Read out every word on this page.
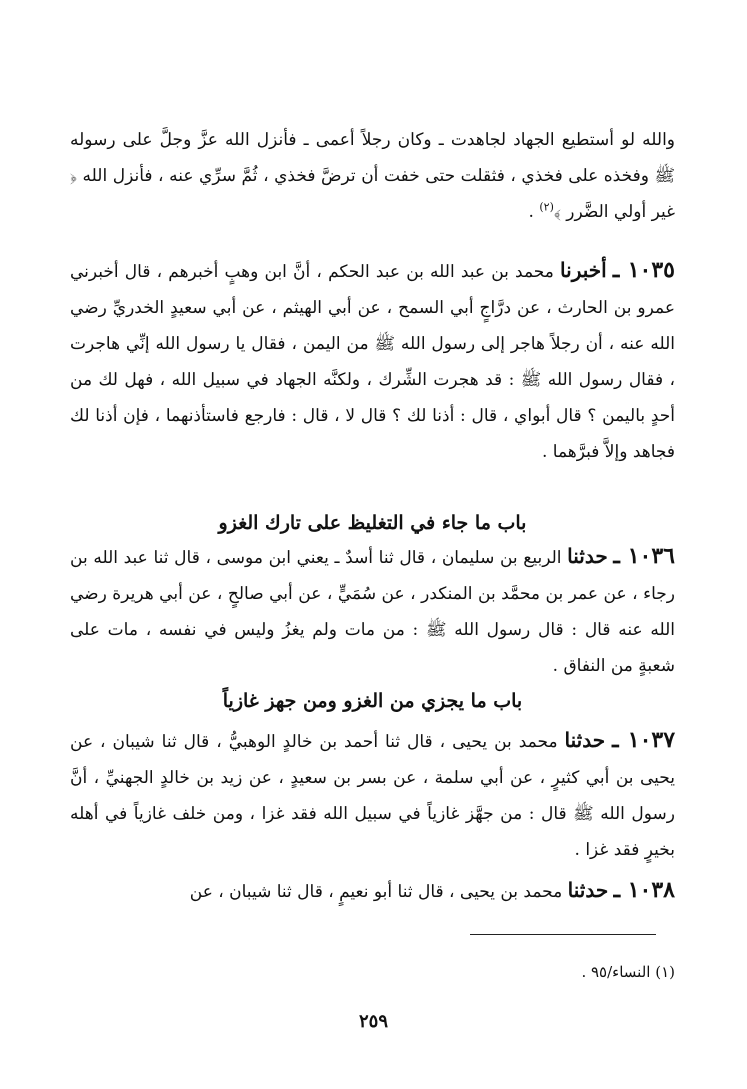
والله لو أستطيع الجهاد لجاهدت ـ وكان رجلاً أعمى ـ فأنزل الله عزَّ وجلَّ على رسوله ﷺ وفخذه على فخذي ، فثقلت حتى خفت أن ترضَّ فخذي ، ثُمَّ سرِّي عنه ، فأنزل الله ﴿ غير أولي الضَّرر ﴾$^{(٢)}$ .

١٠٣٥ ـ أخبرنا محمد بن عبد الله بن عبد الحكم ، أنَّ ابن وهبٍ أخبرهم ، قال أخبرني عمرو بن الحارث ، عن درَّاجٍ أبي السمح ، عن أبي الهيثم ، عن أبي سعيدٍ الخدريِّ رضي الله عنه ، أن رجلاً هاجر إلى رسول الله ﷺ من اليمن ، فقال يا رسول الله إنِّي هاجرت ، فقال رسول الله ﷺ : قد هجرت الشِّرك ، ولكنَّه الجهاد في سبيل الله ، فهل لك من أحدٍ باليمن ؟ قال أبواي ، قال : أذنا لك ؟ قال لا ، قال : فارجع فاستأذنهما ، فإن أذنا لك فجاهد وإلاَّ فبرَّهما .

باب ما جاء في التغليظ على تارك الغزو

١٠٣٦ ـ حدثنا الربيع بن سليمان ، قال ثنا أسدٌ ـ يعني ابن موسى ، قال ثنا عبد الله بن رجاء ، عن عمر بن محمَّد بن المنكدر ، عن سُمَيٍّ ، عن أبي صالحٍ ، عن أبي هريرة رضي الله عنه قال : قال رسول الله ﷺ : من مات ولم يغزُ وليس في نفسه ، مات على شعبةٍ من النفاق .

باب ما يجزي من الغزو ومن جهز غازياً

١٠٣٧ ـ حدثنا محمد بن يحيى ، قال ثنا أحمد بن خالدٍ الوهبيُّ ، قال ثنا شيبان ، عن يحيى بن أبي كثيرٍ ، عن أبي سلمة ، عن بسر بن سعيدٍ ، عن زيد بن خالدٍ الجهنيِّ ، أنَّ رسول الله ﷺ قال : من جهَّز غازياً في سبيل الله فقد غزا ، ومن خلف غازياً في أهله بخيرٍ فقد غزا .

١٠٣٨ ـ حدثنا محمد بن يحيى ، قال ثنا أبو نعيمٍ ، قال ثنا شيبان ، عن

(١) النساء/٩٥ .
٢٥٩
